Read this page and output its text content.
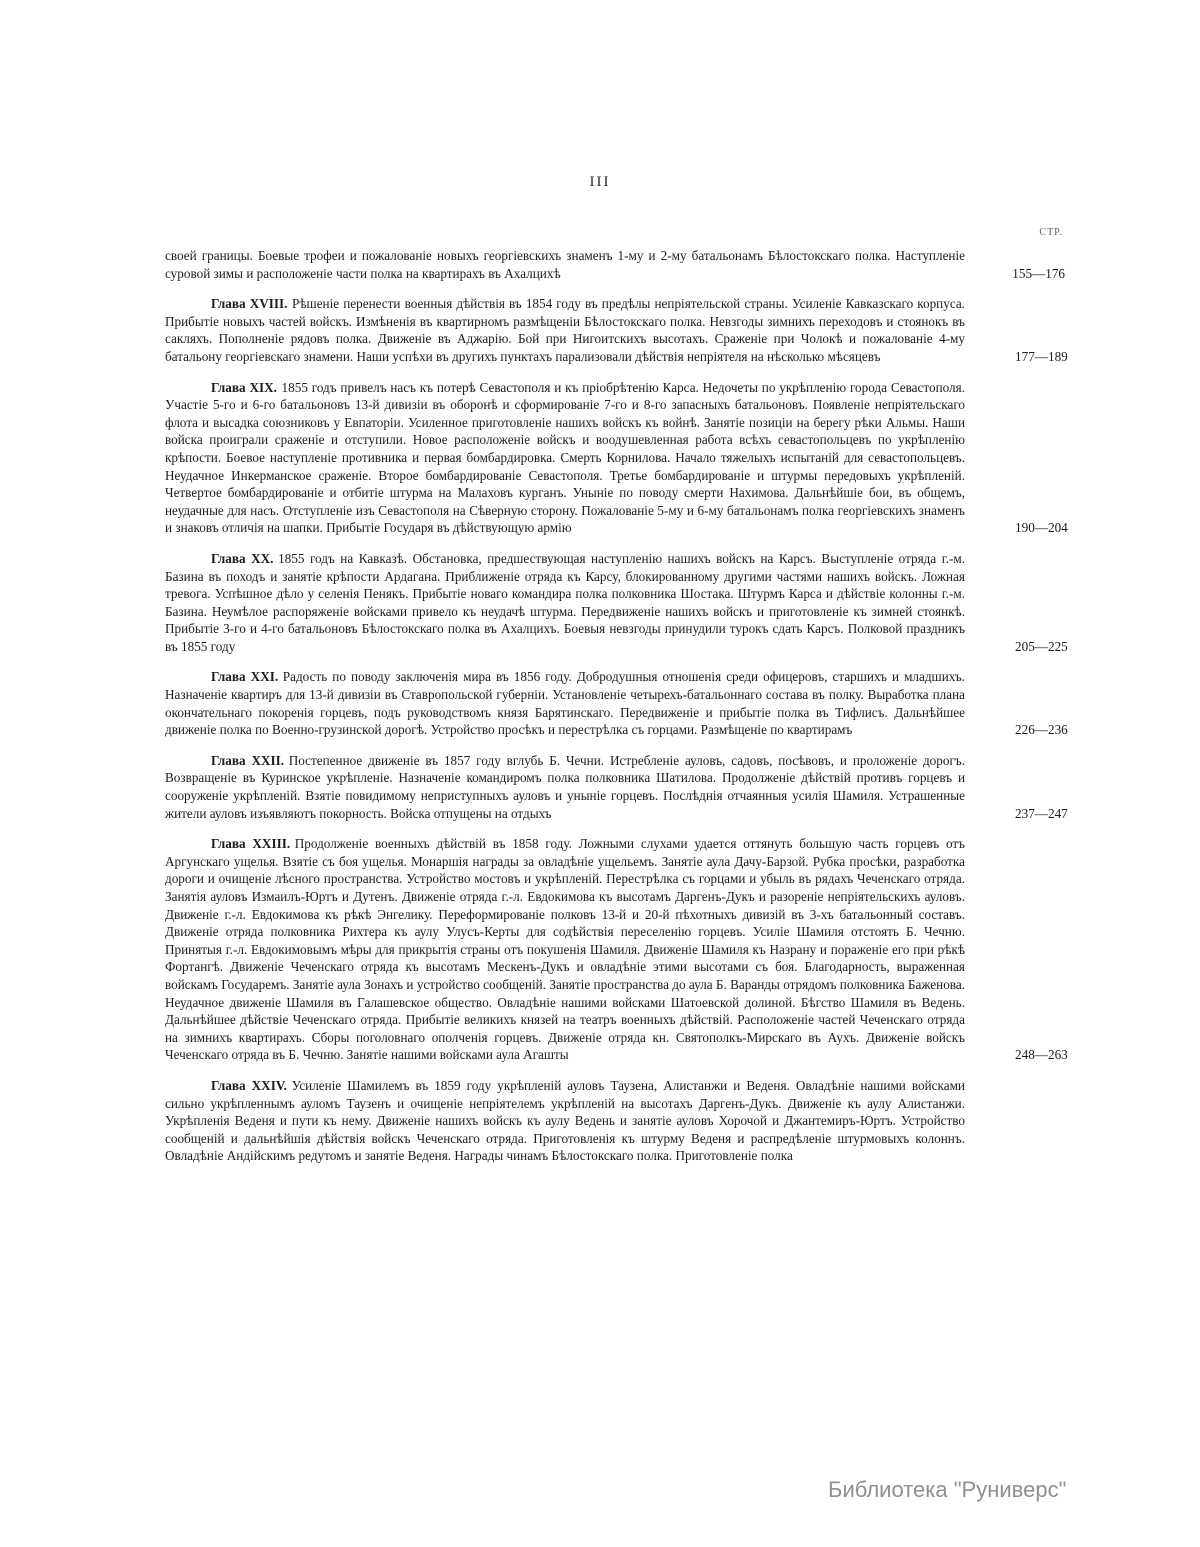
III
СТР.

своей границы. Боевые трофеи и пожалованіе новыхъ георгіевскихъ знаменъ 1-му и 2-му батальонамъ Бѣлостокскаго полка. Наступленіе суровой зимы и расположеніе части полка на квартирахъ въ Ахалцихѣ	155—176

Глава XVIII. Рѣшеніе перенести военныя дѣйствія въ 1854 году въ предѣлы непріятельской страны. Усиленіе Кавказскаго корпуса. Прибытіе новыхъ частей войскъ. Измѣненія въ квартирномъ размѣщеніи Бѣлостокскаго полка. Невзгоды зимнихъ переходовъ и стоянокъ въ сакляхъ. Пополненіе рядовъ полка. Движеніе въ Аджарію. Бой при Нигоитскихъ высотахъ. Сраженіе при Чолокѣ и пожалованіе 4-му батальону георгіевскаго знамени. Наши успѣхи въ другихъ пунктахъ парализовали дѣйствія непріятеля на нѣсколько мѣсяцевъ	177—189

Глава XIX. 1855 годъ привелъ насъ къ потерѣ Севастополя и къ пріобрѣтенію Карса. Недочеты по укрѣпленію города Севастополя. Участіе 5-го и 6-го батальоновъ 13-й дивизіи въ оборонѣ и сформированіе 7-го и 8-го запасныхъ батальоновъ. Появленіе непріятельскаго флота и высадка союзниковъ у Евпаторіи. Усиленное приготовленіе нашихъ войскъ къ войнѣ. Занятіе позиціи на берегу рѣки Альмы. Наши войска проиграли сраженіе и отступили. Новое расположеніе войскъ и воодушевленная работа всѣхъ севастопольцевъ по укрѣпленію крѣпости. Боевое наступленіе противника и первая бомбардировка. Смерть Корнилова. Начало тяжелыхъ испытаній для севастопольцевъ. Неудачное Инкерманское сраженіе. Второе бомбардированіе Севастополя. Третье бомбардированіе и штурмы передовыхъ укрѣпленій. Четвертое бомбардированіе и отбитіе штурма на Малаховъ курганъ. Уныніе по поводу смерти Нахимова. Дальнѣйшіе бои, въ общемъ, неудачные для насъ. Отступленіе изъ Севастополя на Сѣверную сторону. Пожалованіе 5-му и 6-му батальонамъ полка георгіевскихъ знаменъ и знаковъ отличія на шапки. Прибытіе Государя въ дѣйствующую армію	190—204

Глава XX. 1855 годъ на Кавказѣ. Обстановка, предшествующая наступленію нашихъ войскъ на Карсъ. Выступленіе отряда г.-м. Базина въ походъ и занятіе крѣпости Ардагана. Приближеніе отряда къ Карсу, блокированному другими частями нашихъ войскъ. Ложная тревога. Успѣшное дѣло у селенія Пенякъ. Прибытіе новаго командира полка полковника Шостака. Штурмъ Карса и дѣйствіе колонны г.-м. Базина. Неумѣлое распоряженіе войсками привело къ неудачѣ штурма. Передвиженіе нашихъ войскъ и приготовленіе къ зимней стоянкѣ. Прибытіе 3-го и 4-го батальоновъ Бѣлостокскаго полка въ Ахалцихъ. Боевыя невзгоды принудили турокъ сдать Карсъ. Полковой праздникъ въ 1855 году	205—225

Глава XXI. Радость по поводу заключенія мира въ 1856 году. Добродушныя отношенія среди офицеровъ, старшихъ и младшихъ. Назначеніе квартиръ для 13-й дивизіи въ Ставропольской губерніи. Установленіе четырехъ-батальоннаго состава въ полку. Выработка плана окончательнаго покоренія горцевъ, подъ руководствомъ князя Барятинскаго. Передвиженіе и прибытіе полка въ Тифлисъ. Дальнѣйшее движеніе полка по Военно-грузинской дорогѣ. Устройство просѣкъ и перестрѣлка съ горцами. Размѣщеніе по квартирамъ	226—236

Глава XXII. Постепенное движеніе въ 1857 году вглубь Б. Чечни. Истребленіе ауловъ, садовъ, посѣвовъ, и проложеніе дорогъ. Возвращеніе въ Куринское укрѣпленіе. Назначеніе командиромъ полка полковника Шатилова. Продолженіе дѣйствій противъ горцевъ и сооруженіе укрѣпленій. Взятіе повидимому неприступныхъ ауловъ и уныніе горцевъ. Послѣднія отчаянныя усилія Шамиля. Устрашенные жители ауловъ изъявляютъ покорность. Войска отпущены на отдыхъ	237—247

Глава XXIII. Продолженіе военныхъ дѣйствій въ 1858 году. Ложными слухами удается оттянуть большую часть горцевъ отъ Аргунскаго ущелья. Взятіе съ боя ущелья. Монаршія награды за овладѣніе ущельемъ. Занятіе аула Дачу-Барзой. Рубка просѣки, разработка дороги и очищеніе лѣсного пространства. Устройство мостовъ и укрѣпленій. Перестрѣлка съ горцами и убыль въ рядахъ Чеченскаго отряда. Занятія ауловъ Измаилъ-Юртъ и Дутенъ. Движеніе отряда г.-л. Евдокимова къ высотамъ Даргенъ-Дукъ и разореніе непріятельскихъ ауловъ. Движеніе г.-л. Евдокимова къ рѣкѣ Энгелику. Переформированіе полковъ 13-й и 20-й пѣхотныхъ дивизій въ 3-хъ батальонный составъ. Движеніе отряда полковника Рихтера къ аулу Улусъ-Керты для содѣйствія переселенію горцевъ. Усиліе Шамиля отстоять Б. Чечню. Принятыя г.-л. Евдокимовымъ мѣры для прикрытія страны отъ покушенія Шамиля. Движеніе Шамиля къ Назрану и пораженіе его при рѣкѣ Фортангѣ. Движеніе Чеченскаго отряда къ высотамъ Мескенъ-Дукъ и овладѣніе этими высотами съ боя. Благодарность, выраженная войскамъ Государемъ. Занятіе аула Зонахъ и устройство сообщеній. Занятіе пространства до аула Б. Варанды отрядомъ полковника Баженова. Неудачное движеніе Шамиля въ Галашевское общество. Овладѣніе нашими войсками Шатоевской долиной. Бѣгство Шамиля въ Ведень. Дальнѣйшее дѣйствіе Чеченскаго отряда. Прибытіе великихъ князей на театръ военныхъ дѣйствій. Расположеніе частей Чеченскаго отряда на зимнихъ квартирахъ. Сборы поголовнаго ополченія горцевъ. Движеніе отряда кн. Святополкъ-Мирскаго въ Аухъ. Движеніе войскъ Чеченскаго отряда въ Б. Чечню. Занятіе нашими войсками аула Агашты	248—263

Глава XXIV. Усиленіе Шамилемъ въ 1859 году укрѣпленій ауловъ Таузена, Алистанжи и Веденя. Овладѣніе нашими войсками сильно укрѣпленнымъ ауломъ Таузенъ и очищеніе непріятелемъ укрѣпленій на высотахъ Даргенъ-Дукъ. Движеніе къ аулу Алистанжи. Укрѣпленія Веденя и пути къ нему. Движеніе нашихъ войскъ къ аулу Ведень и занятіе ауловъ Хорочой и Джантемиръ-Юртъ. Устройство сообщеній и дальнѣйшія дѣйствія войскъ Чеченскаго отряда. Приготовленія къ штурму Веденя и распредѣленіе штурмовыхъ колоннъ. Овладѣніе Андійскимъ редутомъ и занятіе Веденя. Награды чинамъ Бѣлостокскаго полка. Приготовленіе полка

Библиотека "Руниверс"
